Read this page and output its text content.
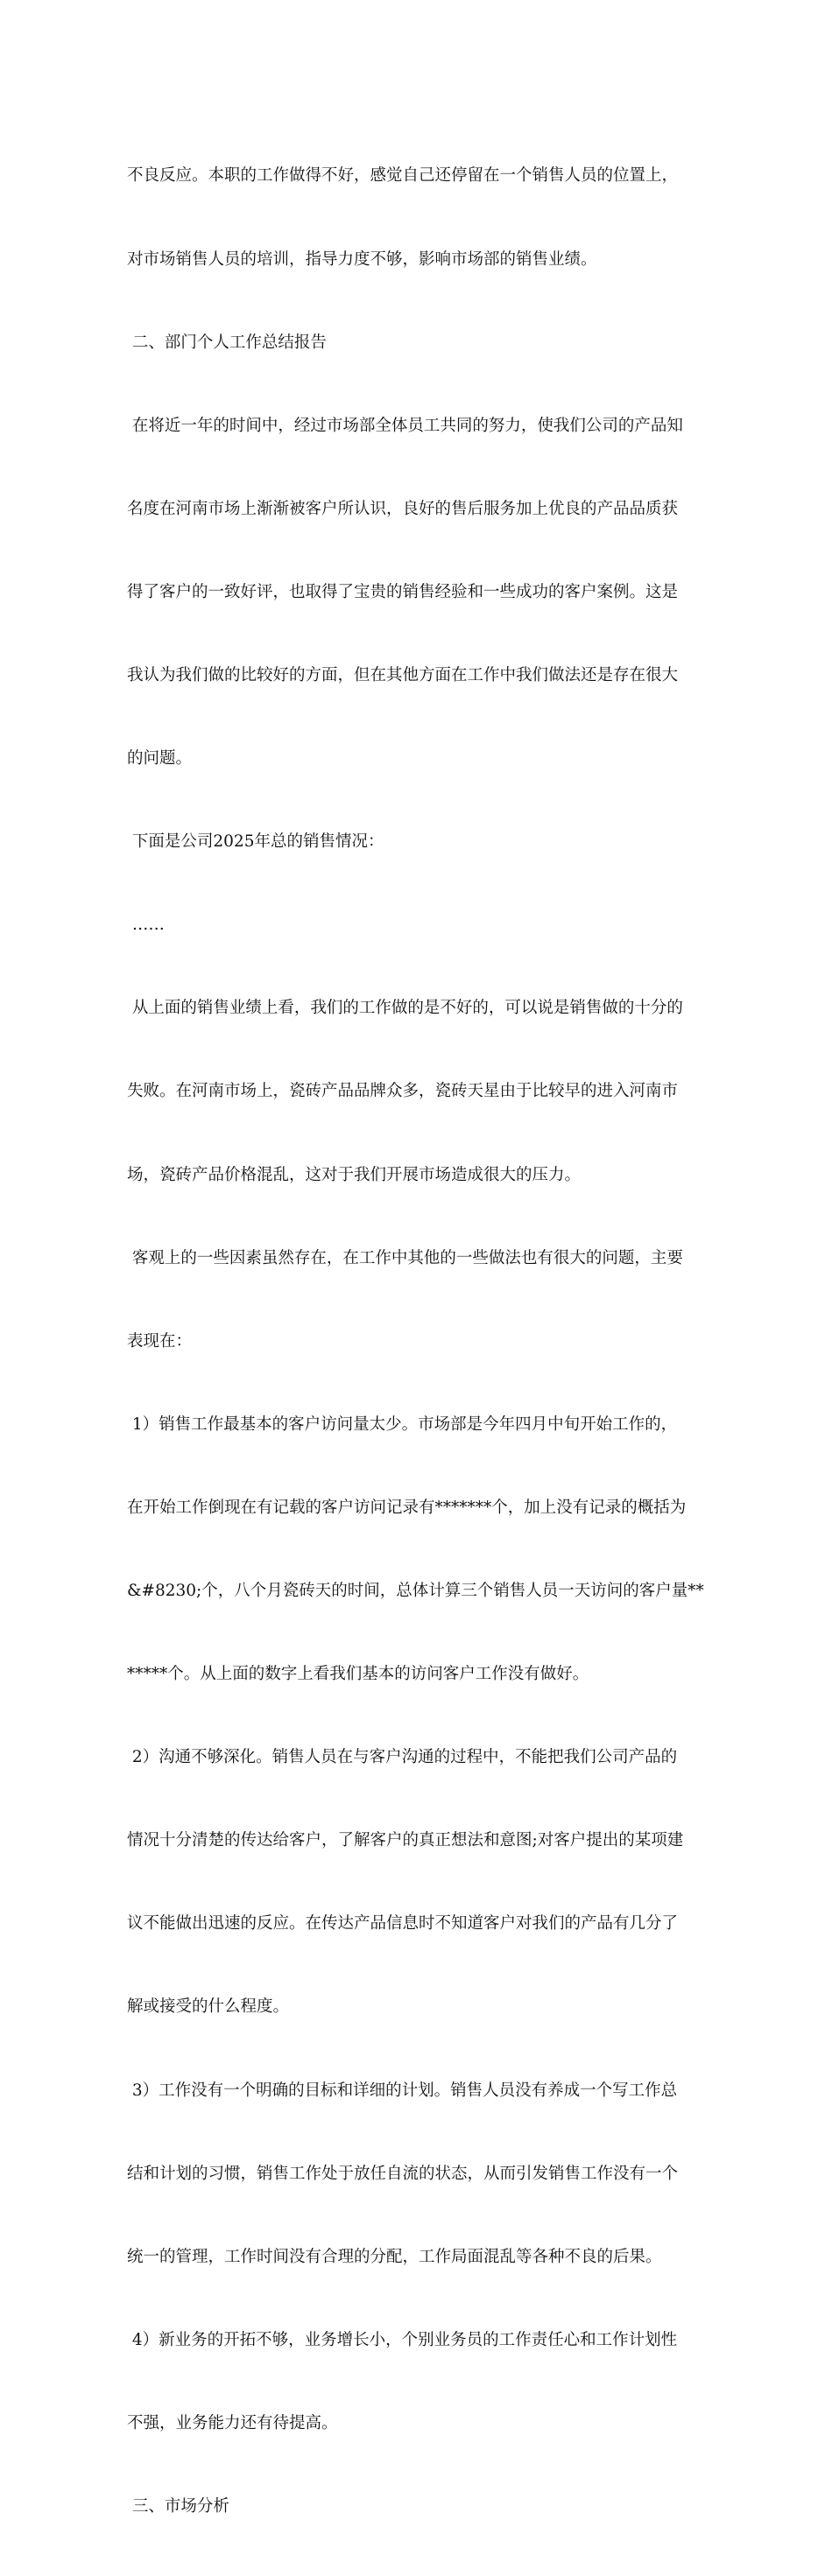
不良反应。本职的工作做得不好，感觉自己还停留在一个销售人员的位置上，

对市场销售人员的培训，指导力度不够，影响市场部的销售业绩。

二、部门个人工作总结报告

在将近一年的时间中，经过市场部全体员工共同的努力，使我们公司的产品知

名度在河南市场上渐渐被客户所认识，良好的售后服务加上优良的产品品质获

得了客户的一致好评，也取得了宝贵的销售经验和一些成功的客户案例。这是

我认为我们做的比较好的方面，但在其他方面在工作中我们做法还是存在很大

的问题。

下面是公司2025年总的销售情况：

……

从上面的销售业绩上看，我们的工作做的是不好的，可以说是销售做的十分的

失败。在河南市场上，瓷砖产品品牌众多，瓷砖天星由于比较早的进入河南市

场，瓷砖产品价格混乱，这对于我们开展市场造成很大的压力。

客观上的一些因素虽然存在，在工作中其他的一些做法也有很大的问题，主要

表现在：

1）销售工作最基本的客户访问量太少。市场部是今年四月中旬开始工作的，

在开始工作倒现在有记载的客户访问记录有*******个，加上没有记录的概括为

&#8230;个，八个月瓷砖天的时间，总体计算三个销售人员一天访问的客户量**

*****个。从上面的数字上看我们基本的访问客户工作没有做好。

2）沟通不够深化。销售人员在与客户沟通的过程中，不能把我们公司产品的

情况十分清楚的传达给客户，了解客户的真正想法和意图;对客户提出的某项建

议不能做出迅速的反应。在传达产品信息时不知道客户对我们的产品有几分了

解或接受的什么程度。

3）工作没有一个明确的目标和详细的计划。销售人员没有养成一个写工作总

结和计划的习惯，销售工作处于放任自流的状态，从而引发销售工作没有一个

统一的管理，工作时间没有合理的分配，工作局面混乱等各种不良的后果。

4）新业务的开拓不够，业务增长小，个别业务员的工作责任心和工作计划性

不强，业务能力还有待提高。

三、市场分析
